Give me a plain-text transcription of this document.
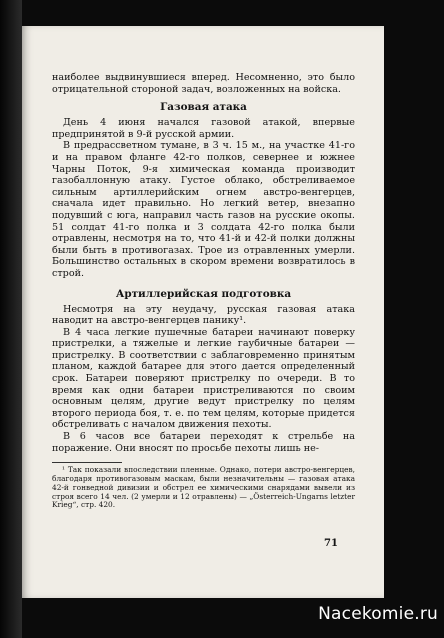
наиболее выдвинувшиеся вперед. Несомненно, это было отрицательной стороной задач, возложенных на войска.

Газовая атака

День 4 июня начался газовой атакой, впервые предпринятой в 9-й русской армии.

В предрассветном тумане, в 3 ч. 15 м., на участке 41-го и на правом фланге 42-го полков, севернее и южнее Чарны Поток, 9-я химическая команда производит газобаллонную атаку. Густое облако, обстреливаемое сильным артиллерийским огнем австро-венгерцев, сначала идет правильно. Но легкий ветер, внезапно подувший с юга, направил часть газов на русские окопы. 51 солдат 41-го полка и 3 солдата 42-го полка были отравлены, несмотря на то, что 41-й и 42-й полки должны были быть в противогазах. Трое из отравленных умерли. Большинство остальных в скором времени возвратилось в строй.

Артиллерийская подготовка

Несмотря на эту неудачу, русская газовая атака наводит на австро-венгерцев панику¹.

В 4 часа легкие пушечные батареи начинают поверку пристрелки, а тяжелые и легкие гаубичные батареи — пристрелку. В соответствии с заблаговременно принятым планом, каждой батарее для этого дается определенный срок. Батареи поверяют пристрелку по очереди. В то время как одни батареи пристреливаются по своим основным целям, другие ведут пристрелку по целям второго периода боя, т. е. по тем целям, которые придется обстреливать с началом движения пехоты.

В 6 часов все батареи переходят к стрельбе на поражение. Они вносят по просьбе пехоты лишь не-

¹ Так показали впоследствии пленные. Однако, потери австро-венгерцев, благодаря противогазовым маскам, были незначительны — газовая атака 42-й гонведной дивизии и обстрел ее химическими снарядами вывели из строя всего 14 чел. (2 умерли и 12 отравлены) — „Österreich-Ungarns letzter Krieg“, стр. 420.

71
Nacekomie.ru
